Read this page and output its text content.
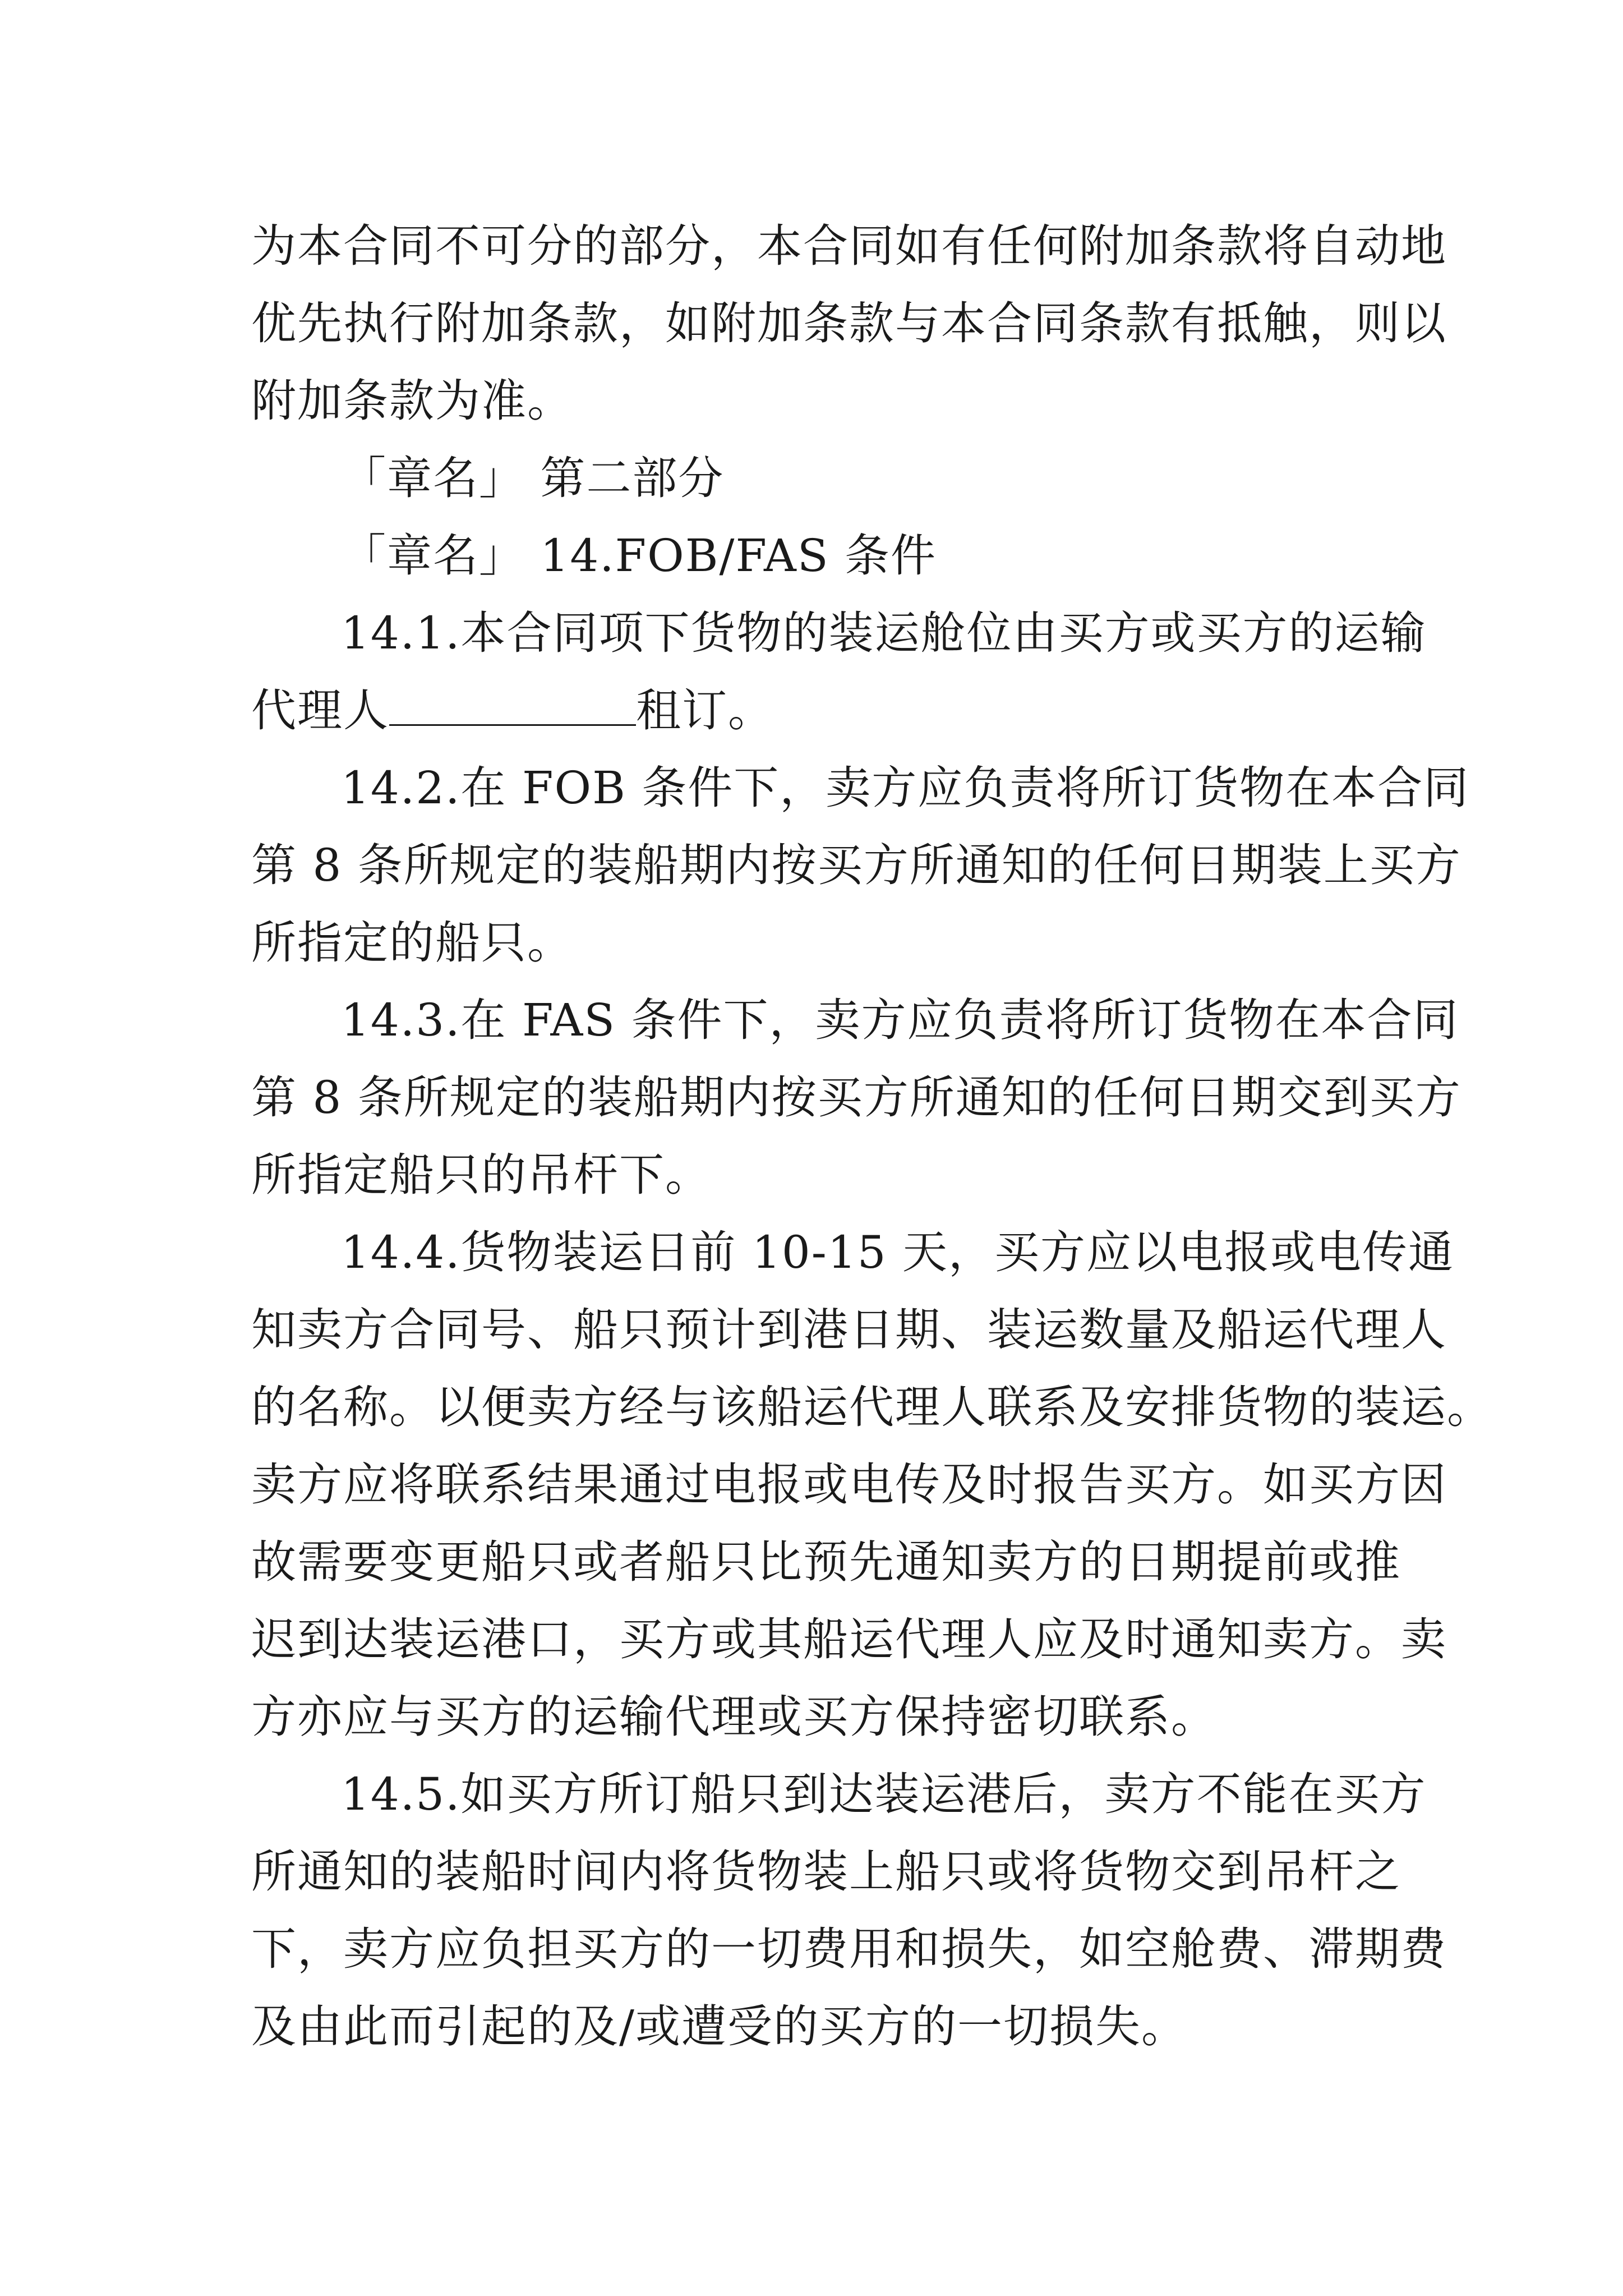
为本合同不可分的部分，本合同如有任何附加条款将自动地
优先执行附加条款，如附加条款与本合同条款有抵触，则以
附加条款为准。
「章名」 第二部分
「章名」 14.FOB/FAS 条件
14.1.本合同项下货物的装运舱位由买方或买方的运输
代理人	租订。
14.2.在 FOB 条件下，卖方应负责将所订货物在本合同
第 8 条所规定的装船期内按买方所通知的任何日期装上买方
所指定的船只。
14.3.在 FAS 条件下，卖方应负责将所订货物在本合同
第 8 条所规定的装船期内按买方所通知的任何日期交到买方
所指定船只的吊杆下。
14.4.货物装运日前 10-15 天，买方应以电报或电传通
知卖方合同号、船只预计到港日期、装运数量及船运代理人
的名称。以便卖方经与该船运代理人联系及安排货物的装运。
卖方应将联系结果通过电报或电传及时报告买方。如买方因
故需要变更船只或者船只比预先通知卖方的日期提前或推
迟到达装运港口，买方或其船运代理人应及时通知卖方。卖
方亦应与买方的运输代理或买方保持密切联系。
14.5.如买方所订船只到达装运港后，卖方不能在买方
所通知的装船时间内将货物装上船只或将货物交到吊杆之
下，卖方应负担买方的一切费用和损失，如空舱费、滞期费
及由此而引起的及/或遭受的买方的一切损失。
